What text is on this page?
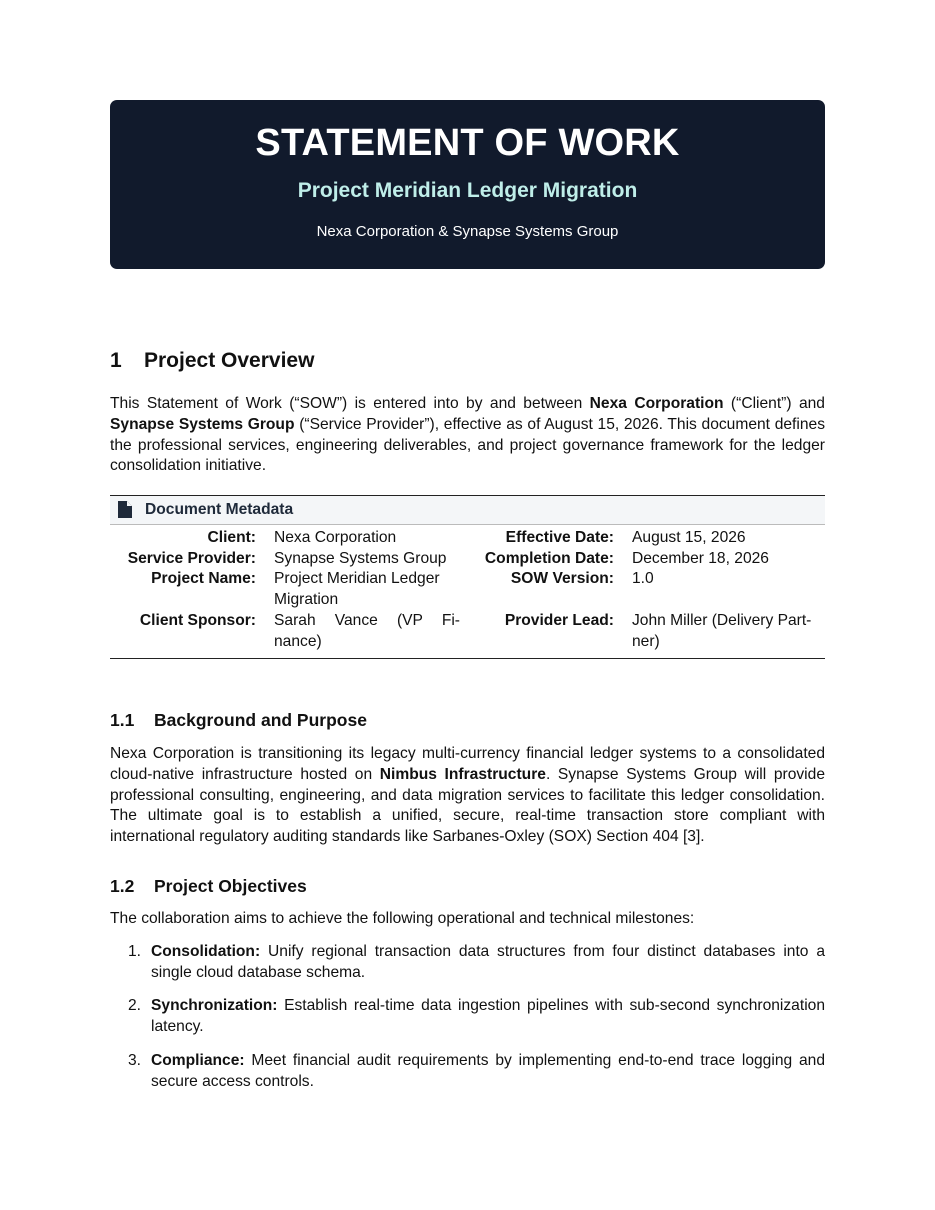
STATEMENT OF WORK
Project Meridian Ledger Migration
Nexa Corporation & Synapse Systems Group
1 Project Overview
This Statement of Work (“SOW”) is entered into by and between Nexa Corporation (“Client”) and Synapse Systems Group (“Service Provider”), effective as of August 15, 2026. This document defines the professional services, engineering deliverables, and project governance framework for the ledger consolidation initiative.
Document Metadata
Client: Nexa Corporation	Effective Date: August 15, 2026
Service Provider: Synapse Systems Group	Completion Date: December 18, 2026
Project Name: Project Meridian Ledger
Migration
SOW Version: 1.0
Client Sponsor: Sarah Vance (VP Fi-
nance)
Provider Lead: John Miller (Delivery Part-
ner)
1.1 Background and Purpose
Nexa Corporation is transitioning its legacy multi-currency financial ledger systems to a consolidated cloud-native infrastructure hosted on Nimbus Infrastructure. Synapse Systems Group will provide professional consulting, engineering, and data migration services to facilitate this ledger consolidation. The ultimate goal is to establish a unified, secure, real-time transaction store compliant with international regulatory auditing standards like Sarbanes-Oxley (SOX) Section 404 [3].
1.2 Project Objectives
The collaboration aims to achieve the following operational and technical milestones:
1. Consolidation: Unify regional transaction data structures from four distinct databases into a single cloud database schema.
2. Synchronization: Establish real-time data ingestion pipelines with sub-second synchronization latency.
3. Compliance: Meet financial audit requirements by implementing end-to-end trace logging and secure access controls.
